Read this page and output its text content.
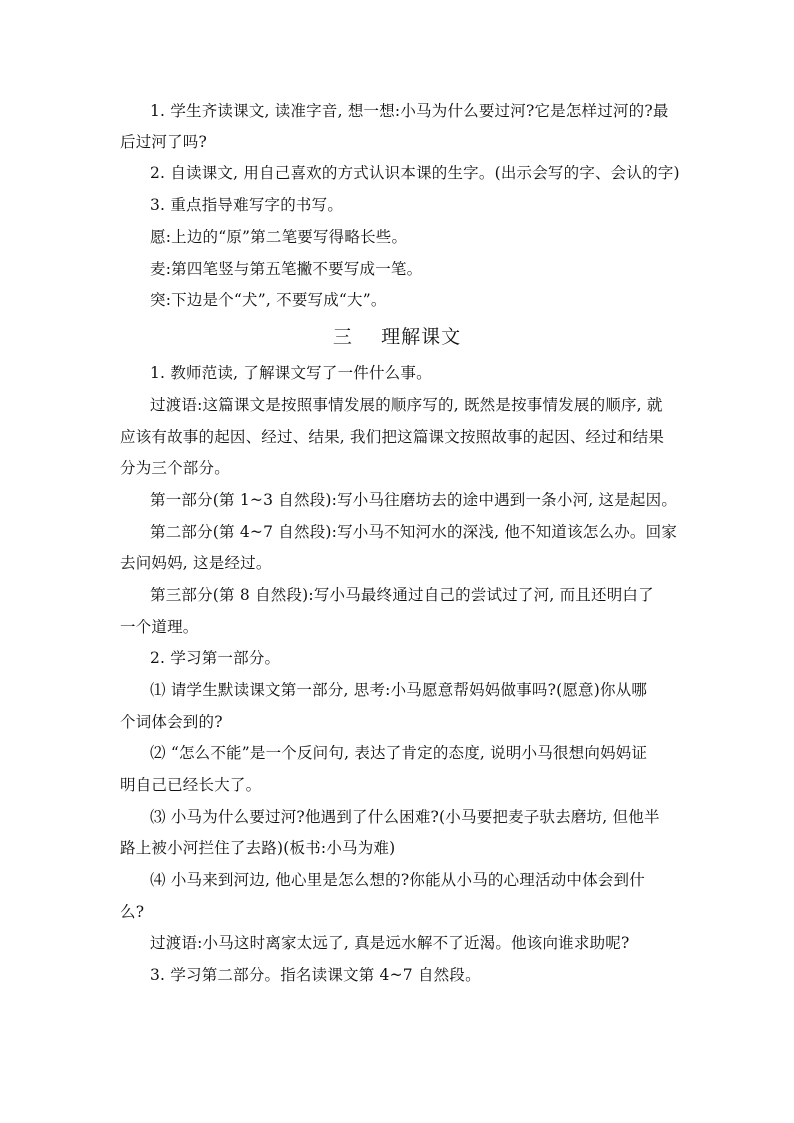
1. 学生齐读课文, 读准字音, 想一想:小马为什么要过河?它是怎样过河的?最
后过河了吗?
2. 自读课文, 用自己喜欢的方式认识本课的生字。(出示会写的字、会认的字)
3. 重点指导难写字的书写。
愿:上边的“原”第二笔要写得略长些。
麦:第四笔竖与第五笔撇不要写成一笔。
突:下边是个“犬”, 不要写成“大”。
三    理解课文
1. 教师范读, 了解课文写了一件什么事。
过渡语:这篇课文是按照事情发展的顺序写的, 既然是按事情发展的顺序, 就
应该有故事的起因、经过、结果, 我们把这篇课文按照故事的起因、经过和结果
分为三个部分。
第一部分(第 1~3 自然段):写小马往磨坊去的途中遇到一条小河, 这是起因。
第二部分(第 4~7 自然段):写小马不知河水的深浅, 他不知道该怎么办。回家
去问妈妈, 这是经过。
第三部分(第 8 自然段):写小马最终通过自己的尝试过了河, 而且还明白了
一个道理。
2. 学习第一部分。
⑴ 请学生默读课文第一部分, 思考:小马愿意帮妈妈做事吗?(愿意)你从哪
个词体会到的?
⑵ “怎么不能”是一个反问句, 表达了肯定的态度, 说明小马很想向妈妈证
明自己已经长大了。
⑶ 小马为什么要过河?他遇到了什么困难?(小马要把麦子驮去磨坊, 但他半
路上被小河拦住了去路)(板书:小马为难)
⑷ 小马来到河边, 他心里是怎么想的?你能从小马的心理活动中体会到什
么?
过渡语:小马这时离家太远了, 真是远水解不了近渴。他该向谁求助呢?
3. 学习第二部分。指名读课文第 4~7 自然段。
